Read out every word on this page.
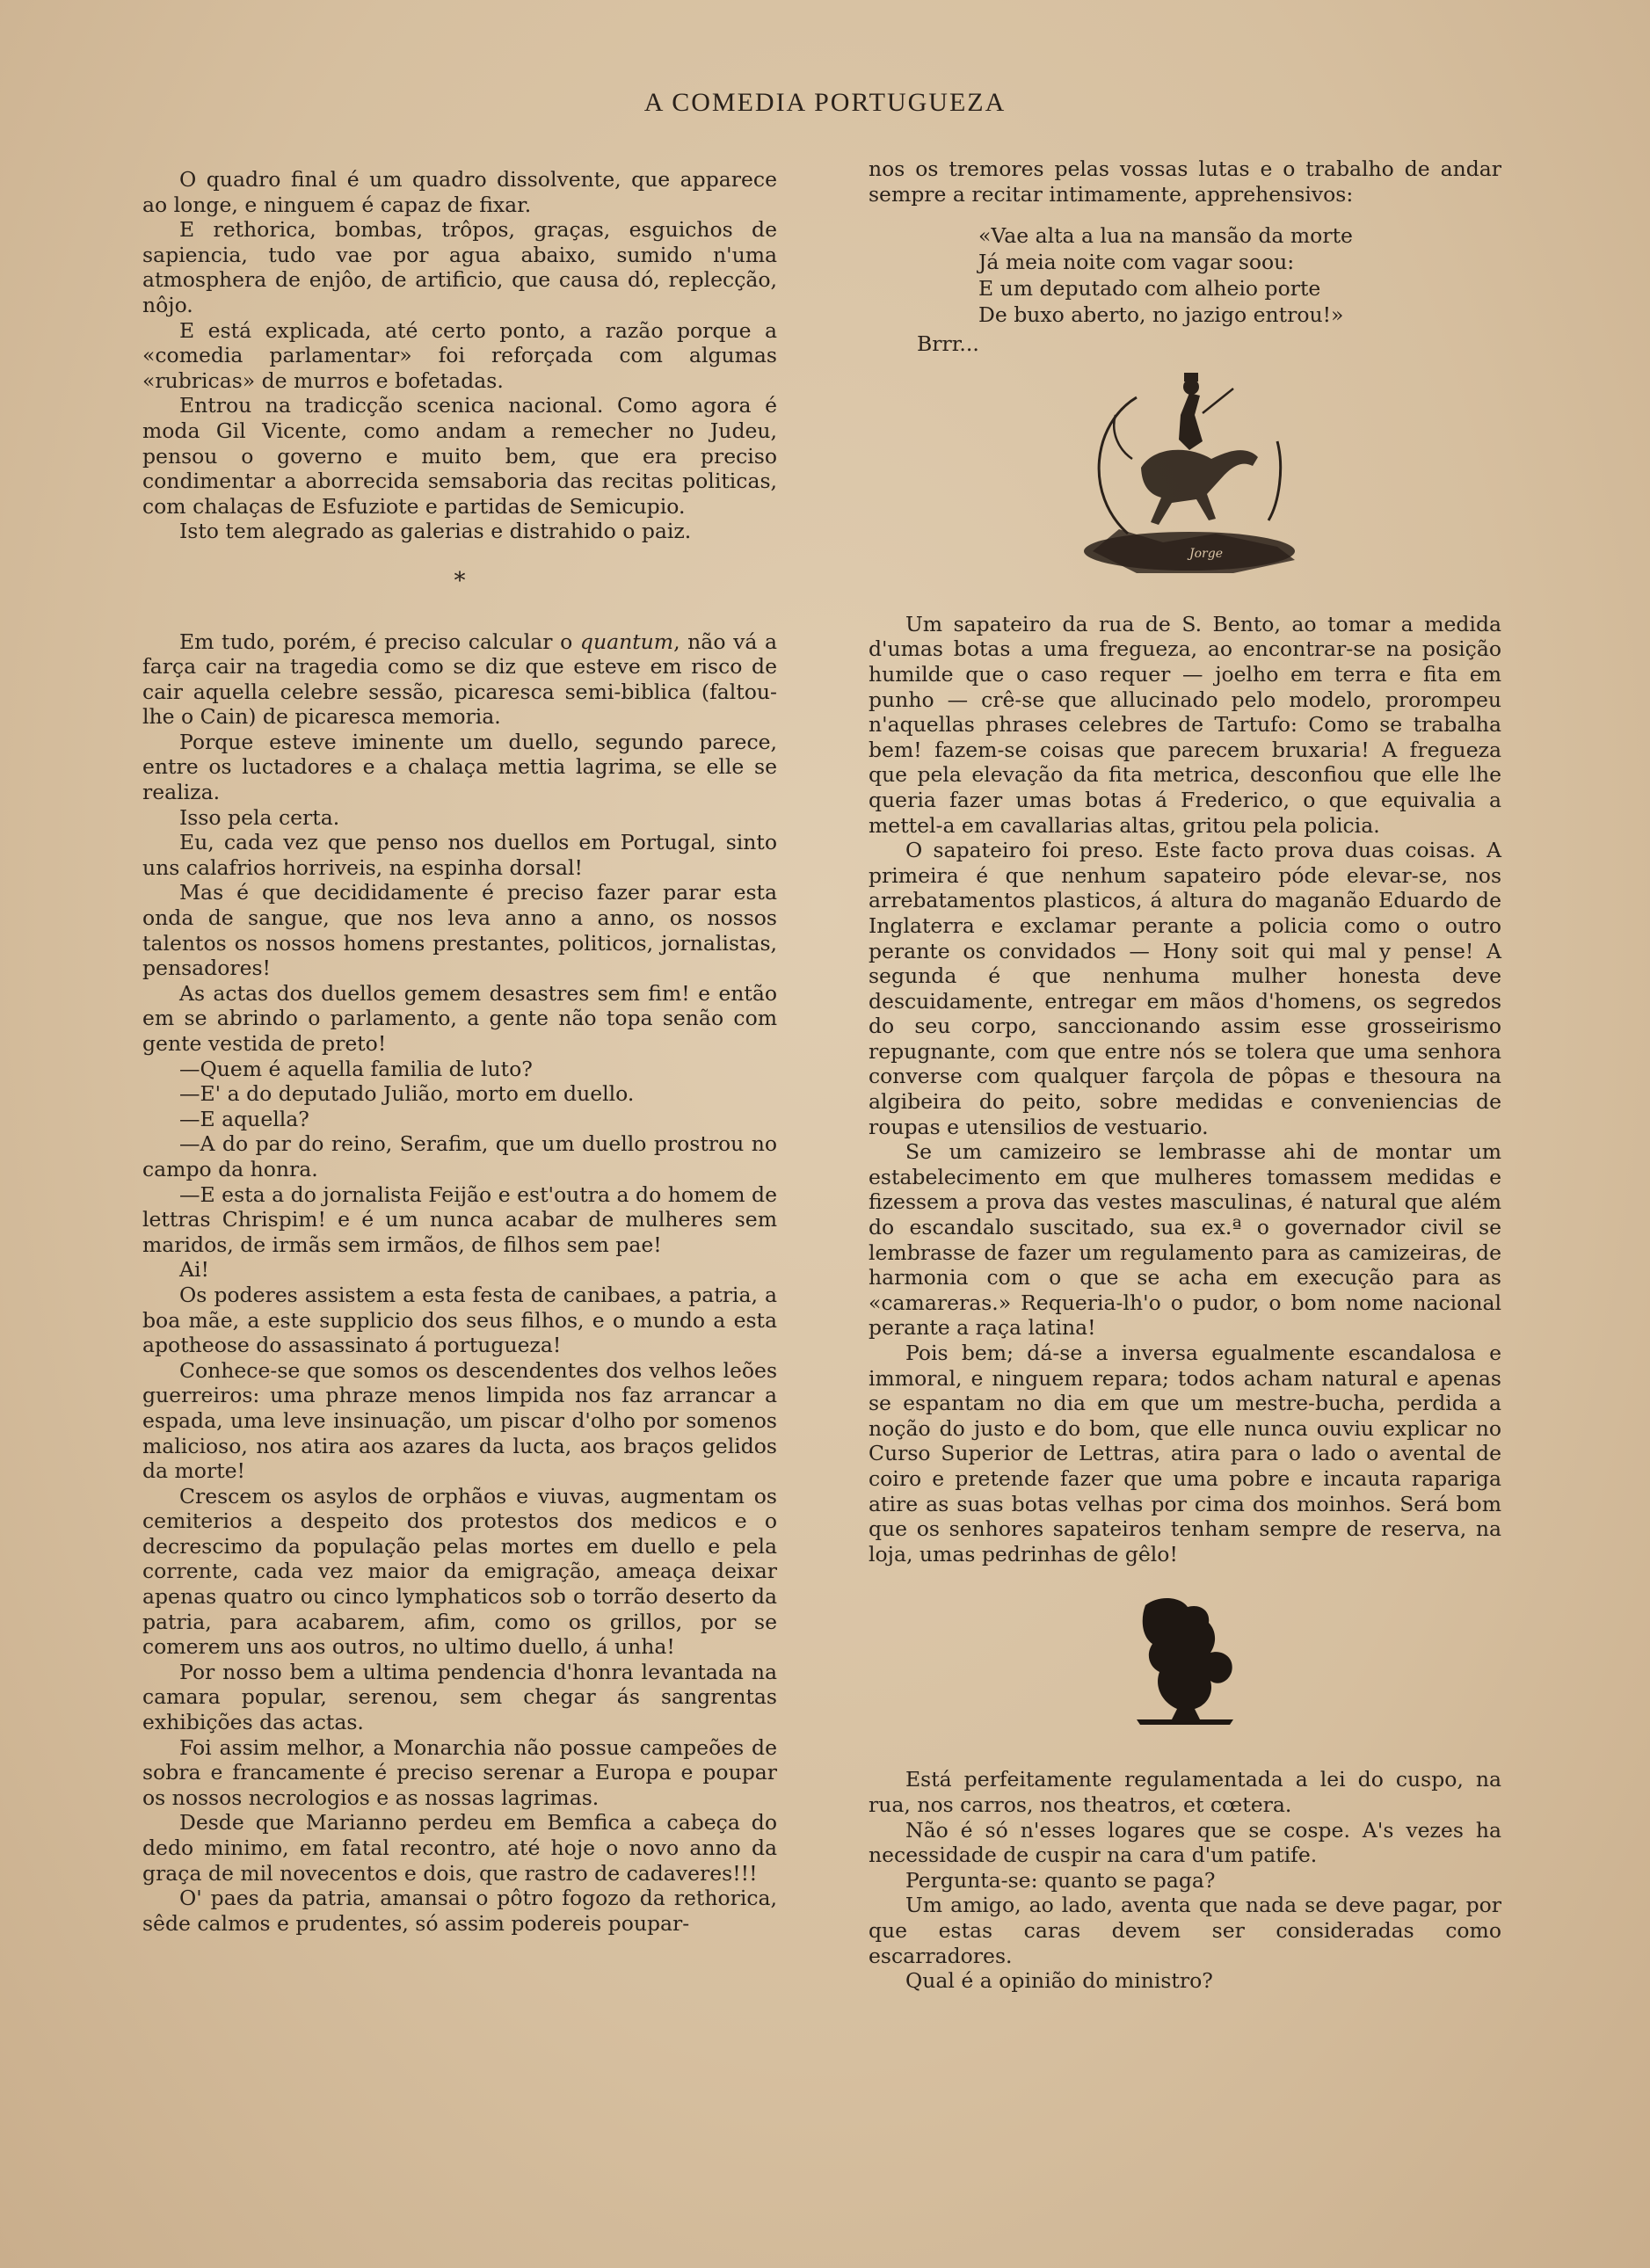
A COMEDIA PORTUGUEZA

O quadro final é um quadro dissolvente, que apparece ao longe, e ninguem é capaz de fixar.

E rethorica, bombas, trôpos, graças, esguichos de sapiencia, tudo vae por agua abaixo, sumido n'uma atmosphera de enjôo, de artificio, que causa dó, replecção, nôjo.

E está explicada, até certo ponto, a razão porque a «comedia parlamentar» foi reforçada com algumas «rubricas» de murros e bofetadas.

Entrou na tradicção scenica nacional. Como agora é moda Gil Vicente, como andam a remecher no Judeu, pensou o governo e muito bem, que era preciso condimentar a aborrecida semsaboria das recitas politicas, com chalaças de Esfuziote e partidas de Semicupio.

Isto tem alegrado as galerias e distrahido o paiz.

*

Em tudo, porém, é preciso calcular o quantum, não vá a farça cair na tragedia como se diz que esteve em risco de cair aquella celebre sessão, picaresca semi-biblica (faltou-lhe o Cain) de picaresca memoria.

Porque esteve iminente um duello, segundo parece, entre os luctadores e a chalaça mettia lagrima, se elle se realiza.

Isso pela certa.

Eu, cada vez que penso nos duellos em Portugal, sinto uns calafrios horriveis, na espinha dorsal!

Mas é que decididamente é preciso fazer parar esta onda de sangue, que nos leva anno a anno, os nossos talentos os nossos homens prestantes, politicos, jornalistas, pensadores!

As actas dos duellos gemem desastres sem fim! e então em se abrindo o parlamento, a gente não topa senão com gente vestida de preto!

—Quem é aquella familia de luto?

—E' a do deputado Julião, morto em duello.

—E aquella?

—A do par do reino, Serafim, que um duello prostrou no campo da honra.

—E esta a do jornalista Feijão e est'outra a do homem de lettras Chrispim! e é um nunca acabar de mulheres sem maridos, de irmãs sem irmãos, de filhos sem pae!

Ai!

Os poderes assistem a esta festa de canibaes, a patria, a boa mãe, a este supplicio dos seus filhos, e o mundo a esta apotheose do assassinato á portugueza!

Conhece-se que somos os descendentes dos velhos leões guerreiros: uma phraze menos limpida nos faz arrancar a espada, uma leve insinuação, um piscar d'olho por somenos malicioso, nos atira aos azares da lucta, aos braços gelidos da morte!

Crescem os asylos de orphãos e viuvas, augmentam os cemiterios a despeito dos protestos dos medicos e o decrescimo da população pelas mortes em duello e pela corrente, cada vez maior da emigração, ameaça deixar apenas quatro ou cinco lymphaticos sob o torrão deserto da patria, para acabarem, afim, como os grillos, por se comerem uns aos outros, no ultimo duello, á unha!

Por nosso bem a ultima pendencia d'honra levantada na camara popular, serenou, sem chegar ás sangrentas exhibições das actas.

Foi assim melhor, a Monarchia não possue campeões de sobra e francamente é preciso serenar a Europa e poupar os nossos necrologios e as nossas lagrimas.

Desde que Marianno perdeu em Bemfica a cabeça do dedo minimo, em fatal recontro, até hoje o novo anno da graça de mil novecentos e dois, que rastro de cadaveres!!!

O' paes da patria, amansai o pôtro fogozo da rethorica, sêde calmos e prudentes, só assim podereis poupar-

nos os tremores pelas vossas lutas e o trabalho de andar sempre a recitar intimamente, apprehensivos:

«Vae alta a lua na mansão da morte

Já meia noite com vagar soou:

E um deputado com alheio porte

De buxo aberto, no jazigo entrou!»

Brrr...

Jorge

Um sapateiro da rua de S. Bento, ao tomar a medida d'umas botas a uma fregueza, ao encontrar-se na posição humilde que o caso requer — joelho em terra e fita em punho — crê-se que allucinado pelo modelo, prorompeu n'aquellas phrases celebres de Tartufo: Como se trabalha bem! fazem-se coisas que parecem bruxaria! A fregueza que pela elevação da fita metrica, desconfiou que elle lhe queria fazer umas botas á Frederico, o que equivalia a mettel-a em cavallarias altas, gritou pela policia.

O sapateiro foi preso. Este facto prova duas coisas. A primeira é que nenhum sapateiro póde elevar-se, nos arrebatamentos plasticos, á altura do maganão Eduardo de Inglaterra e exclamar perante a policia como o outro perante os convidados — Hony soit qui mal y pense! A segunda é que nenhuma mulher honesta deve descuidamente, entregar em mãos d'homens, os segredos do seu corpo, sanccionando assim esse grosseirismo repugnante, com que entre nós se tolera que uma senhora converse com qualquer farçola de pôpas e thesoura na algibeira do peito, sobre medidas e conveniencias de roupas e utensilios de vestuario.

Se um camizeiro se lembrasse ahi de montar um estabelecimento em que mulheres tomassem medidas e fizessem a prova das vestes masculinas, é natural que além do escandalo suscitado, sua ex.ª o governador civil se lembrasse de fazer um regulamento para as camizeiras, de harmonia com o que se acha em execução para as «camareras.» Requeria-lh'o o pudor, o bom nome nacional perante a raça latina!

Pois bem; dá-se a inversa egualmente escandalosa e immoral, e ninguem repara; todos acham natural e apenas se espantam no dia em que um mestre-bucha, perdida a noção do justo e do bom, que elle nunca ouviu explicar no Curso Superior de Lettras, atira para o lado o avental de coiro e pretende fazer que uma pobre e incauta rapariga atire as suas botas velhas por cima dos moinhos. Será bom que os senhores sapateiros tenham sempre de reserva, na loja, umas pedrinhas de gêlo!

Está perfeitamente regulamentada a lei do cuspo, na rua, nos carros, nos theatros, et cœtera.

Não é só n'esses logares que se cospe. A's vezes ha necessidade de cuspir na cara d'um patife.

Pergunta-se: quanto se paga?

Um amigo, ao lado, aventa que nada se deve pagar, por que estas caras devem ser consideradas como escarradores.

Qual é a opinião do ministro?
